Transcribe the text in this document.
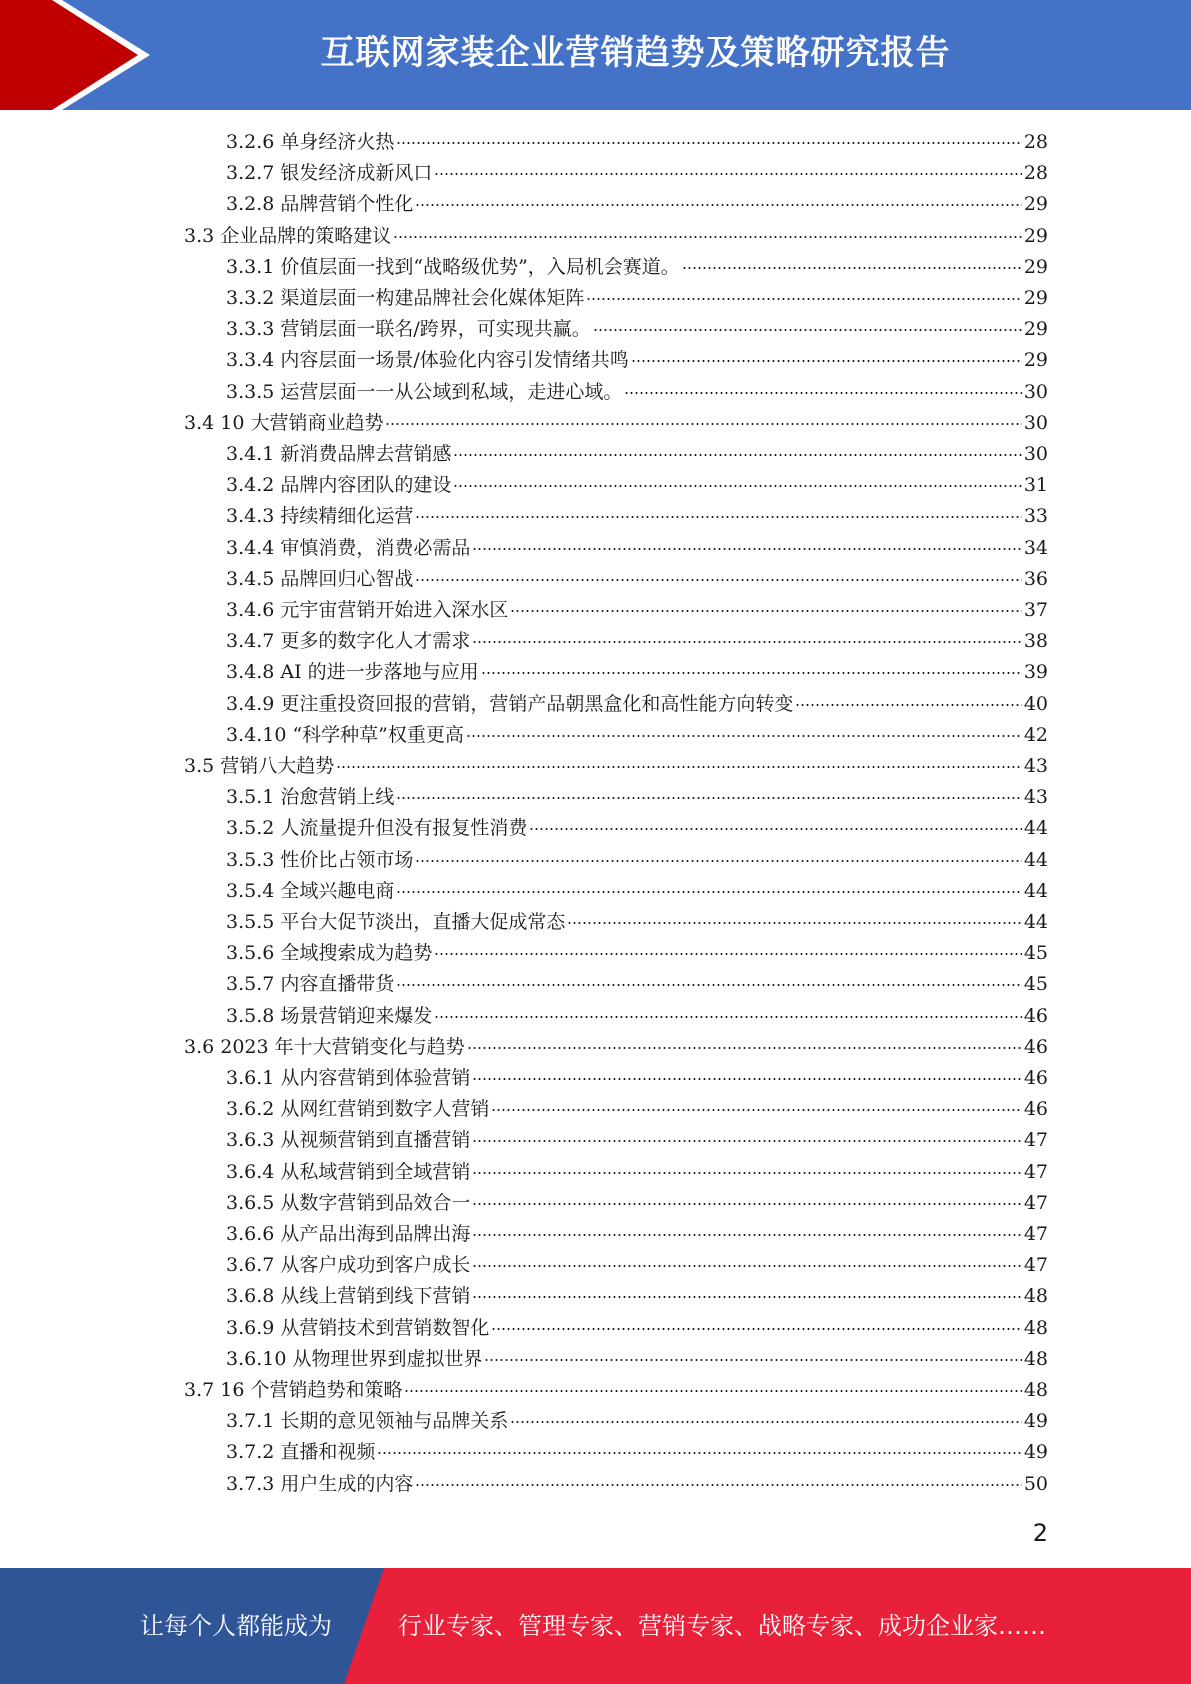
互联网家装企业营销趋势及策略研究报告
3.2.6 单身经济火热	28
3.2.7 银发经济成新风口	28
3.2.8 品牌营销个性化	29
3.3 企业品牌的策略建议	29
3.3.1 价值层面一找到“战略级优势”，入局机会赛道。	29
3.3.2 渠道层面一构建品牌社会化媒体矩阵	29
3.3.3 营销层面一联名/跨界，可实现共赢。	29
3.3.4 内容层面一场景/体验化内容引发情绪共鸣	29
3.3.5 运营层面一一从公域到私域，走进心域。	30
3.4 10 大营销商业趋势	30
3.4.1 新消费品牌去营销感	30
3.4.2 品牌内容团队的建设	31
3.4.3 持续精细化运营	33
3.4.4 审慎消费，消费必需品	34
3.4.5 品牌回归心智战	36
3.4.6 元宇宙营销开始进入深水区	37
3.4.7 更多的数字化人才需求	38
3.4.8 AI 的进一步落地与应用	39
3.4.9 更注重投资回报的营销，营销产品朝黑盒化和高性能方向转变	40
3.4.10 “科学种草”权重更高	42
3.5 营销八大趋势	43
3.5.1 治愈营销上线	43
3.5.2 人流量提升但没有报复性消费	44
3.5.3 性价比占领市场	44
3.5.4 全域兴趣电商	44
3.5.5 平台大促节淡出，直播大促成常态	44
3.5.6 全域搜索成为趋势	45
3.5.7 内容直播带货	45
3.5.8 场景营销迎来爆发	46
3.6 2023 年十大营销变化与趋势	46
3.6.1 从内容营销到体验营销	46
3.6.2 从网红营销到数字人营销	46
3.6.3 从视频营销到直播营销	47
3.6.4 从私域营销到全域营销	47
3.6.5 从数字营销到品效合一	47
3.6.6 从产品出海到品牌出海	47
3.6.7 从客户成功到客户成长	47
3.6.8 从线上营销到线下营销	48
3.6.9 从营销技术到营销数智化	48
3.6.10 从物理世界到虚拟世界	48
3.7 16 个营销趋势和策略	48
3.7.1 长期的意见领袖与品牌关系	49
3.7.2 直播和视频	49
3.7.3 用户生成的内容	50
2
让每个人都能成为	行业专家、管理专家、营销专家、战略专家、成功企业家……
